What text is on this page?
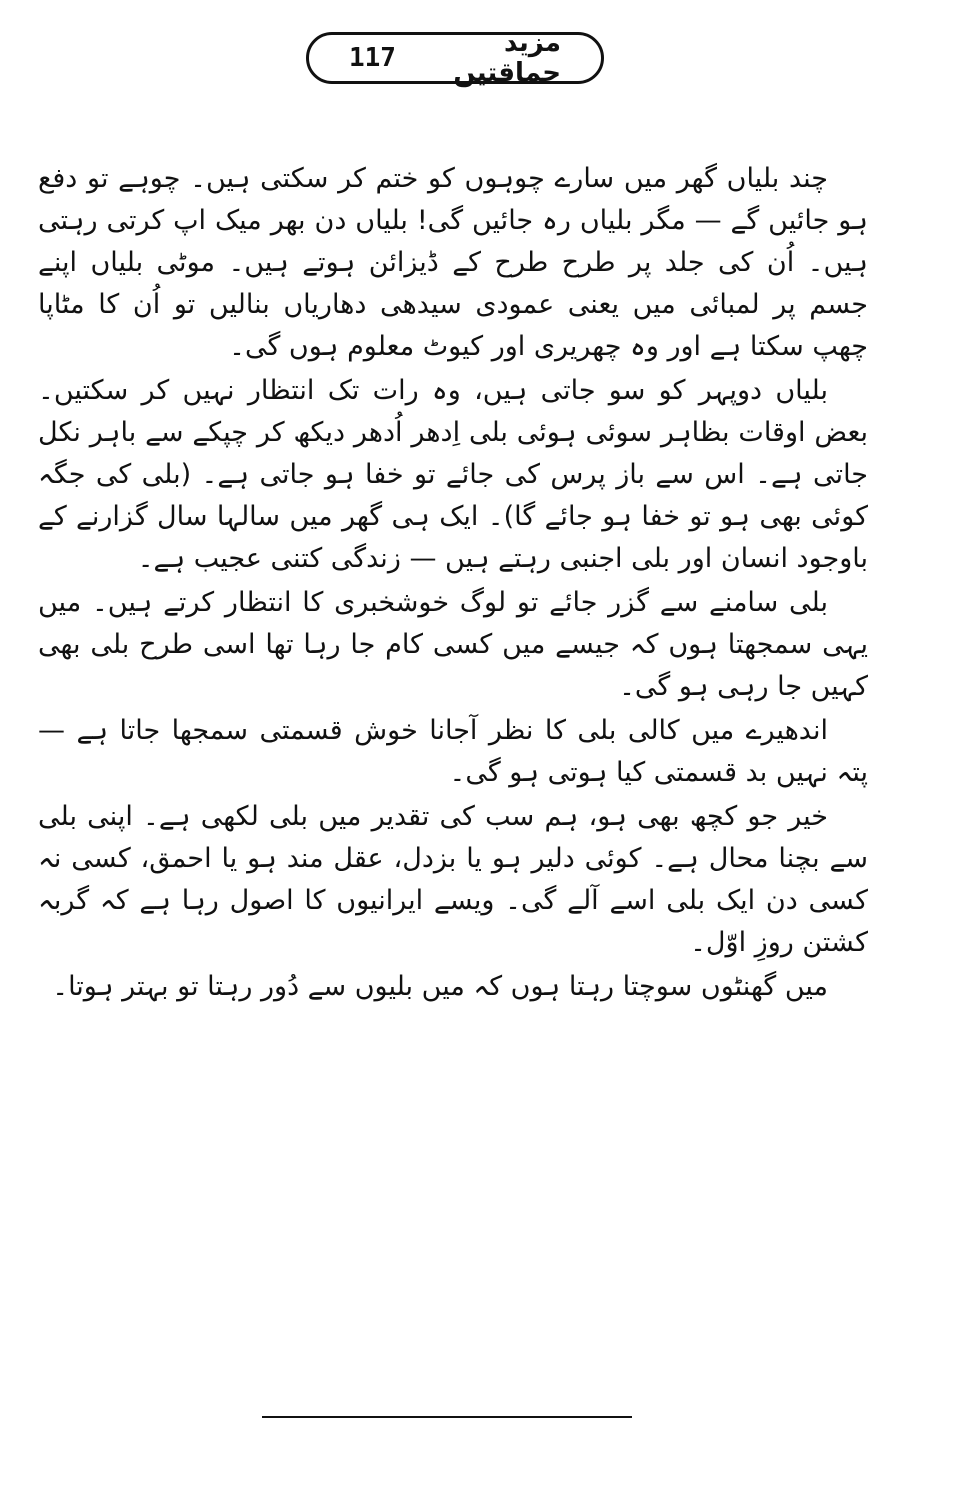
117	مزید حماقتیں

چند بلیاں گھر میں سارے چوہوں کو ختم کر سکتی ہیں۔ چوہے تو دفع ہو جائیں گے — مگر بلیاں رہ جائیں گی! بلیاں دن بھر میک اپ کرتی رہتی ہیں۔ اُن کی جلد پر طرح طرح کے ڈیزائن ہوتے ہیں۔ موٹی بلیاں اپنے جسم پر لمبائی میں یعنی عمودی سیدھی دھاریاں بنالیں تو اُن کا مٹاپا چھپ سکتا ہے اور وہ چھریری اور کیوٹ معلوم ہوں گی۔

بلیاں دوپہر کو سو جاتی ہیں، وہ رات تک انتظار نہیں کر سکتیں۔ بعض اوقات بظاہر سوئی ہوئی بلی اِدھر اُدھر دیکھ کر چپکے سے باہر نکل جاتی ہے۔ اس سے باز پرس کی جائے تو خفا ہو جاتی ہے۔ (بلی کی جگہ کوئی بھی ہو تو خفا ہو جائے گا)۔ ایک ہی گھر میں سالہا سال گزارنے کے باوجود انسان اور بلی اجنبی رہتے ہیں — زندگی کتنی عجیب ہے۔

بلی سامنے سے گزر جائے تو لوگ خوشخبری کا انتظار کرتے ہیں۔ میں یہی سمجھتا ہوں کہ جیسے میں کسی کام جا رہا تھا اسی طرح بلی بھی کہیں جا رہی ہو گی۔

اندھیرے میں کالی بلی کا نظر آجانا خوش قسمتی سمجھا جاتا ہے — پتہ نہیں بد قسمتی کیا ہوتی ہو گی۔

خیر جو کچھ بھی ہو، ہم سب کی تقدیر میں بلی لکھی ہے۔ اپنی بلی سے بچنا محال ہے۔ کوئی دلیر ہو یا بزدل، عقل مند ہو یا احمق، کسی نہ کسی دن ایک بلی اسے آلے گی۔ ویسے ایرانیوں کا اصول رہا ہے کہ گربہ کشتن روزِ اوّل۔

میں گھنٹوں سوچتا رہتا ہوں کہ میں بلیوں سے دُور رہتا تو بہتر ہوتا۔
